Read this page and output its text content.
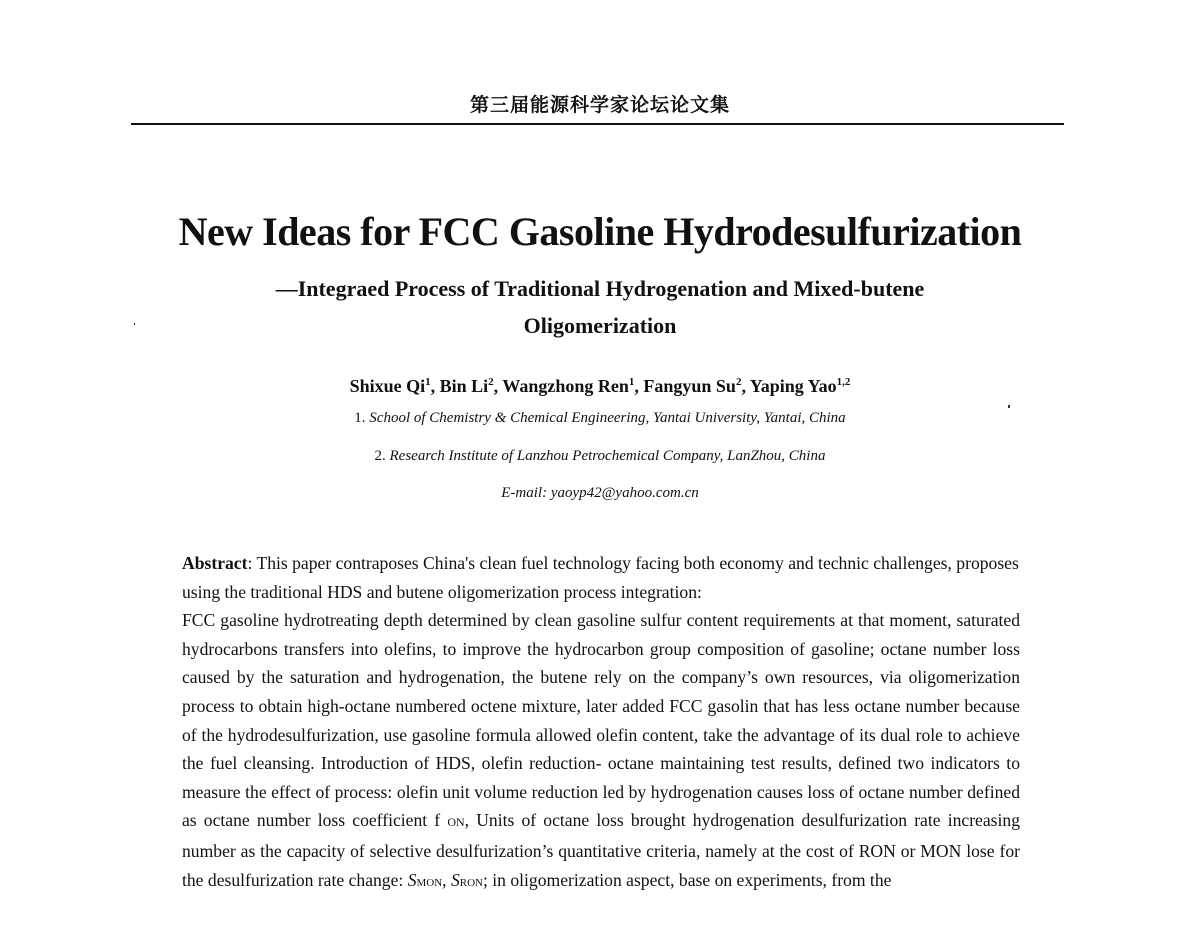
第三届能源科学家论坛论文集
New Ideas for FCC Gasoline Hydrodesulfurization
—Integraed Process of Traditional Hydrogenation and Mixed-butene
Oligomerization
Shixue Qi$^1$, Bin Li$^2$, Wangzhong Ren$^1$, Fangyun Su$^2$, Yaping Yao$^{1,2}$
1. School of Chemistry & Chemical Engineering, Yantai University, Yantai, China
2. Research Institute of Lanzhou Petrochemical Company, LanZhou, China
E-mail: yaoyp42@yahoo.com.cn

Abstract: This paper contraposes China's clean fuel technology facing both economy and technic challenges, proposes using the traditional HDS and butene oligomerization process integration:

FCC gasoline hydrotreating depth determined by clean gasoline sulfur content requirements at that moment, saturated hydrocarbons transfers into olefins, to improve the hydrocarbon group composition of gasoline; octane number loss caused by the saturation and hydrogenation, the butene rely on the company’s own resources, via oligomerization process to obtain high-octane numbered octene mixture, later added FCC gasolin that has less octane number because of the hydrodesulfurization, use gasoline formula allowed olefin content, take the advantage of its dual role to achieve the fuel cleansing. Introduction of HDS, olefin reduction- octane maintaining test results, defined two indicators to measure the effect of process: olefin unit volume reduction led by hydrogenation causes loss of octane number defined as octane number loss coefficient f ON, Units of octane loss brought hydrogenation desulfurization rate increasing number as the capacity of selective desulfurization’s quantitative criteria, namely at the cost of RON or MON lose for the desulfurization rate change: SMON, SRON; in oligomerization aspect, base on experiments, from the
